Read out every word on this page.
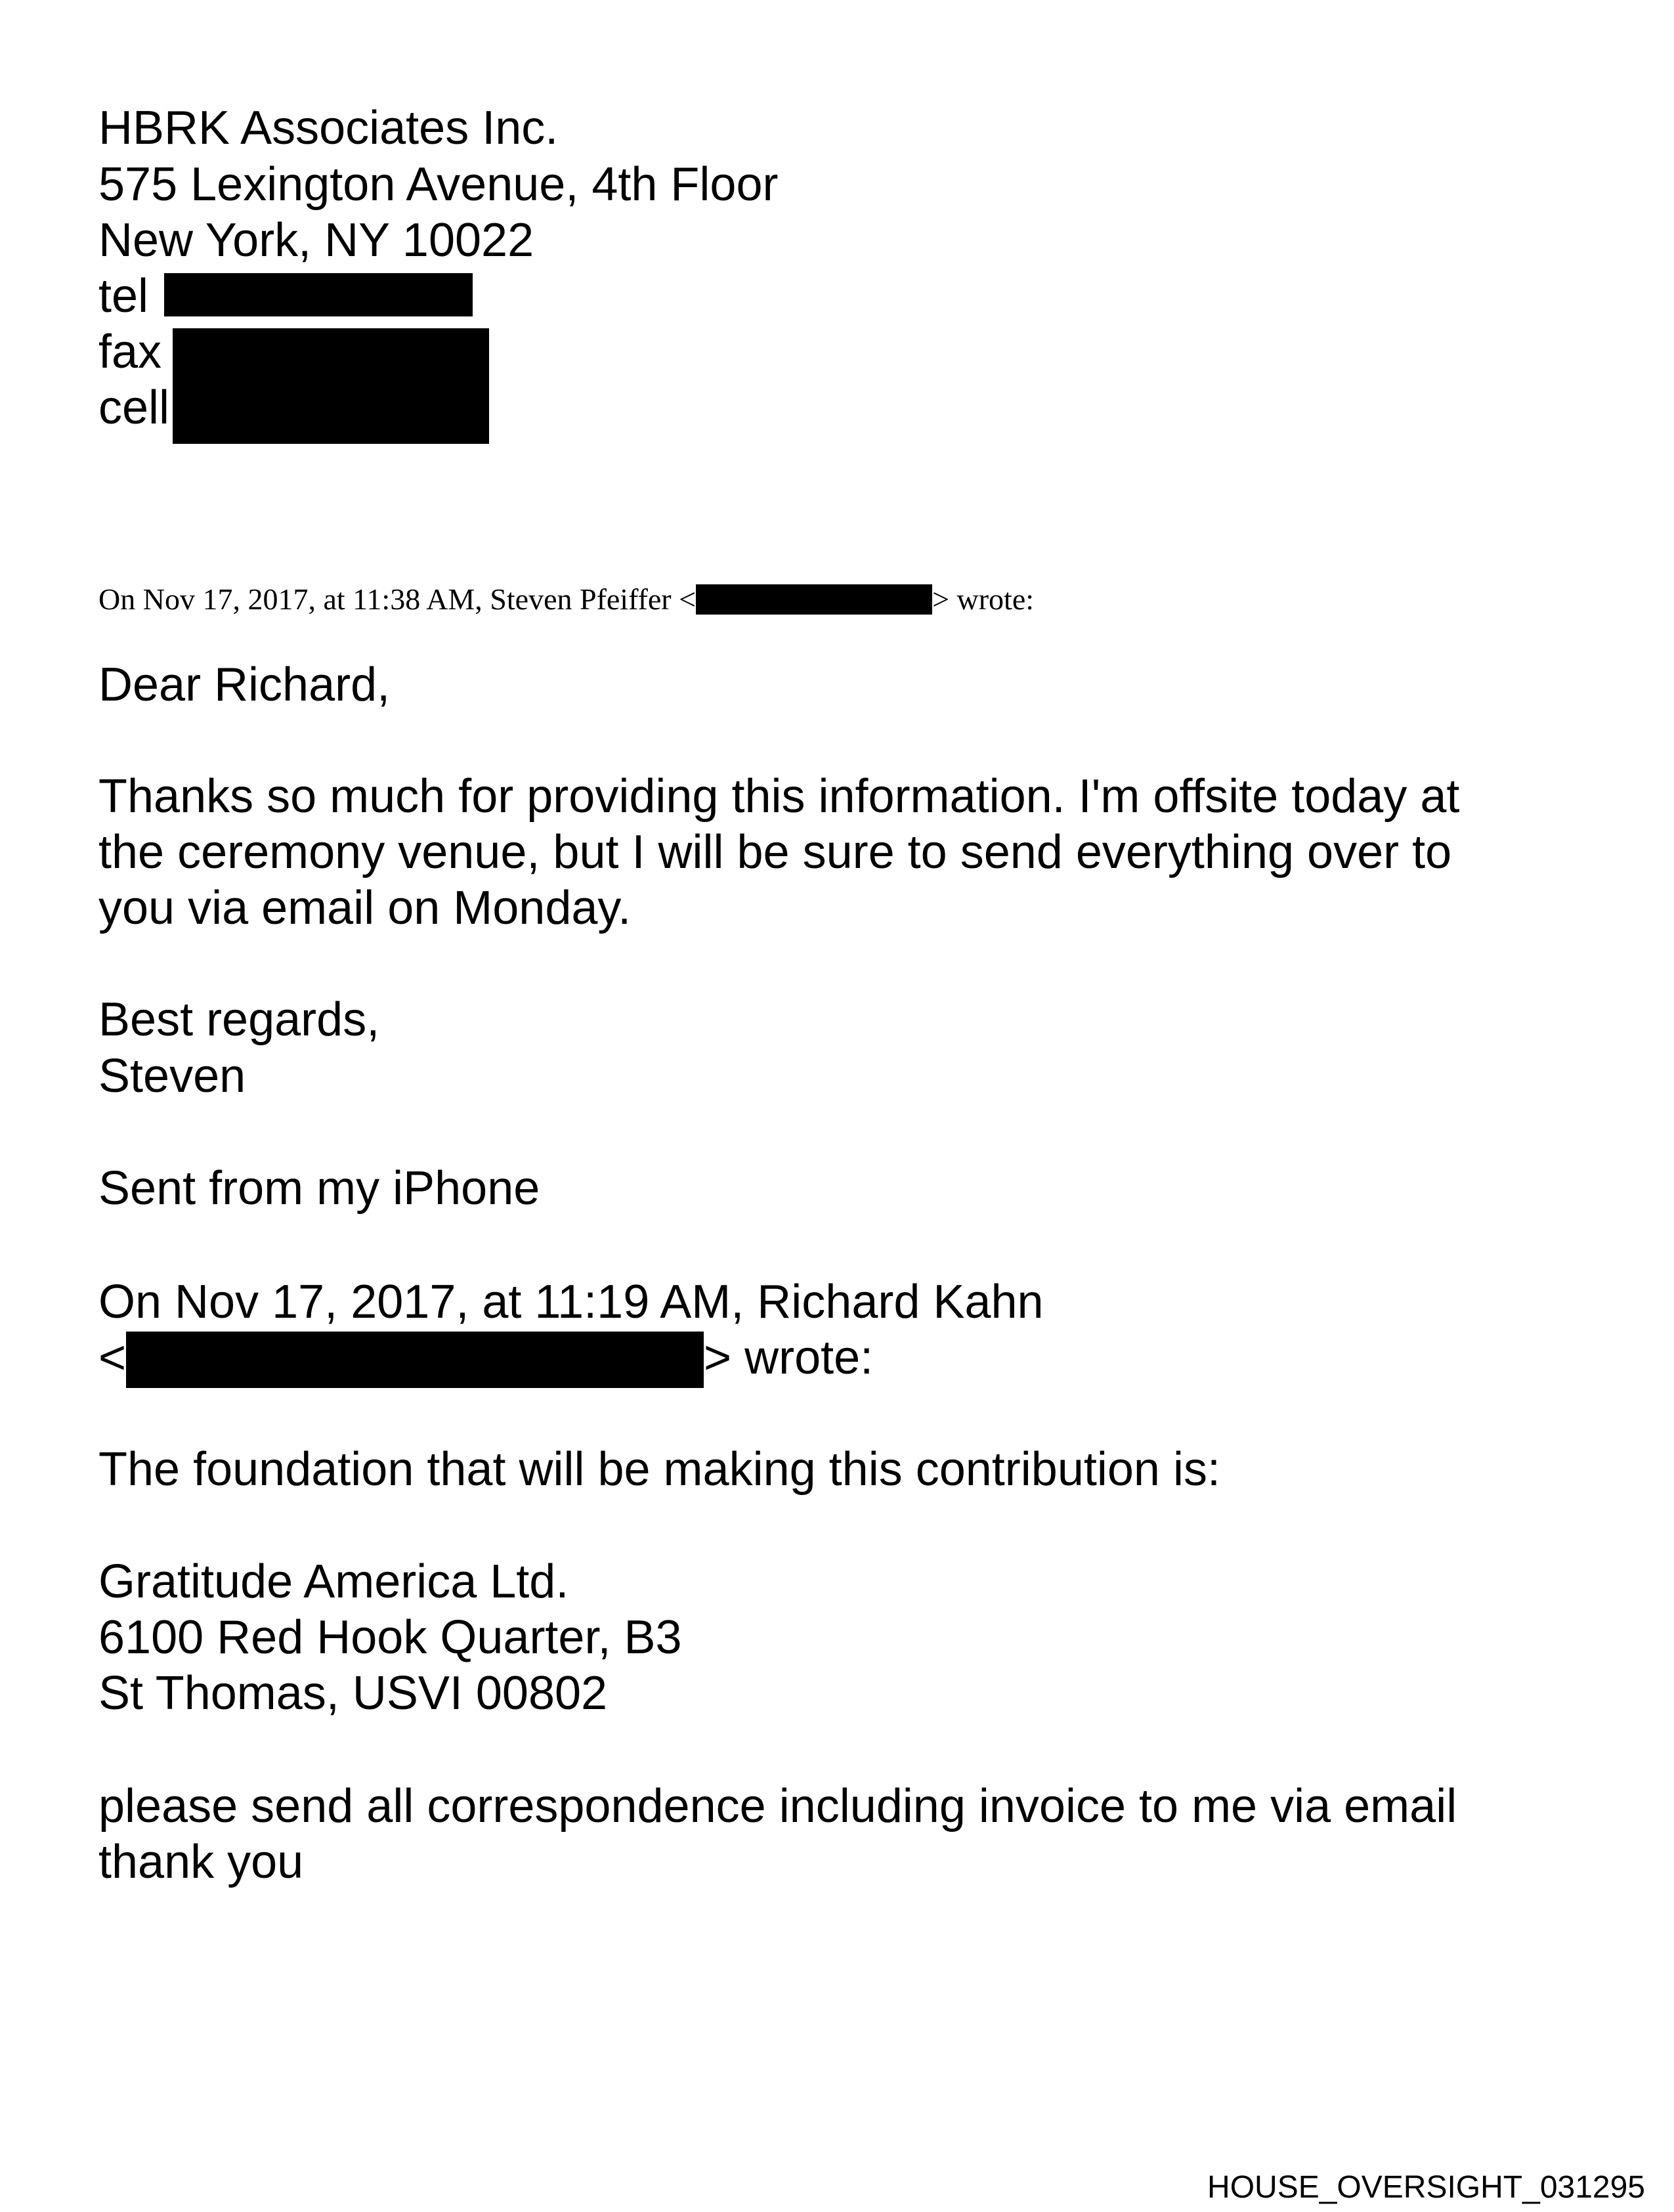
HBRK Associates Inc.
575 Lexington Avenue, 4th Floor
New York, NY 10022
tel
fax
cell
On Nov 17, 2017, at 11:38 AM, Steven Pfeiffer <	> wrote:
Dear Richard,
Thanks so much for providing this information. I'm offsite today at
the ceremony venue, but I will be sure to send everything over to
you via email on Monday.
Best regards,
Steven
Sent from my iPhone
On Nov 17, 2017, at 11:19 AM, Richard Kahn
<	> wrote:
The foundation that will be making this contribution is:
Gratitude America Ltd.
6100 Red Hook Quarter, B3
St Thomas, USVI 00802
please send all correspondence including invoice to me via email
thank you
HOUSE_OVERSIGHT_031295
